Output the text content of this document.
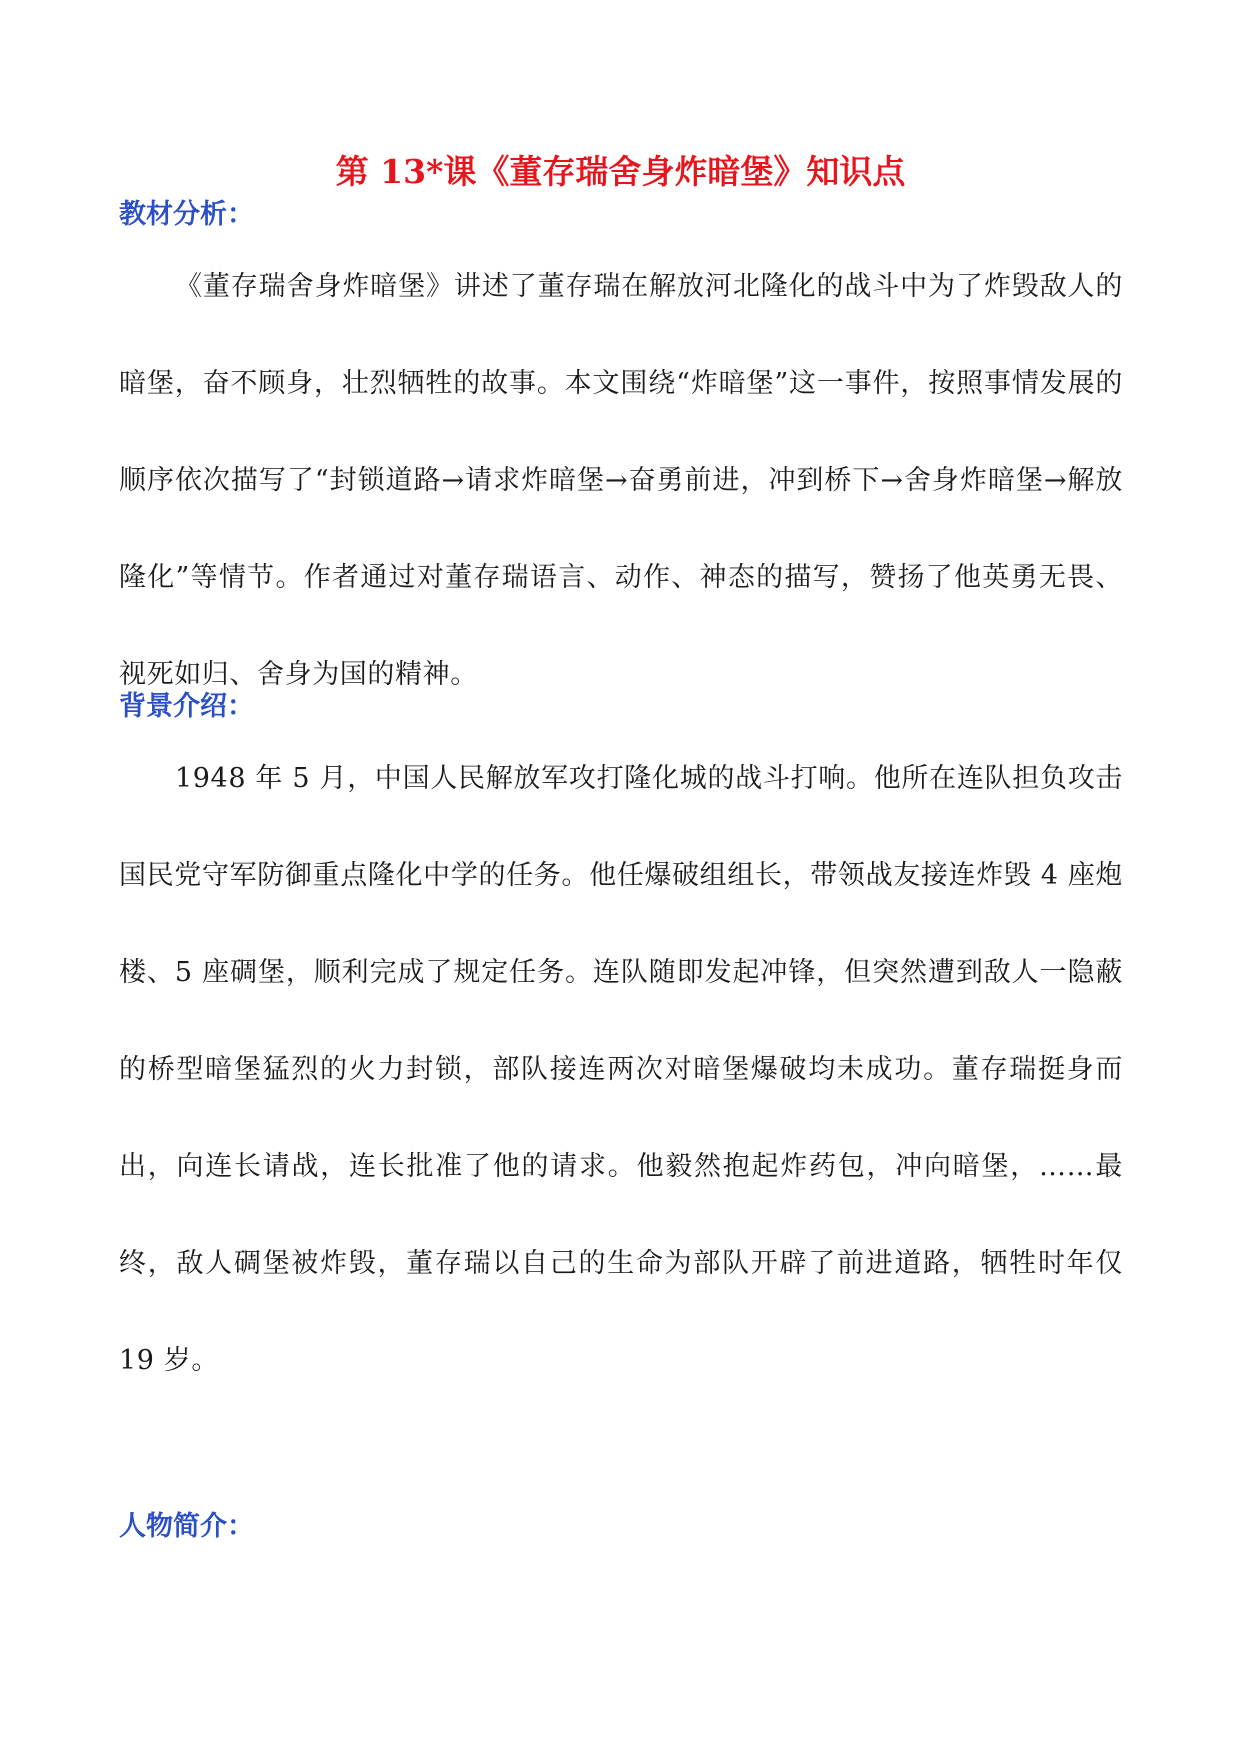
第 13*课《董存瑞舍身炸暗堡》知识点
教材分析：

《董存瑞舍身炸暗堡》讲述了董存瑞在解放河北隆化的战斗中为了炸毁敌人的暗堡，奋不顾身，壮烈牺牲的故事。本文围绕“炸暗堡”这一事件，按照事情发展的顺序依次描写了“封锁道路→请求炸暗堡→奋勇前进，冲到桥下→舍身炸暗堡→解放隆化”等情节。作者通过对董存瑞语言、动作、神态的描写，赞扬了他英勇无畏、视死如归、舍身为国的精神。

背景介绍：

1948 年 5 月，中国人民解放军攻打隆化城的战斗打响。他所在连队担负攻击国民党守军防御重点隆化中学的任务。他任爆破组组长，带领战友接连炸毁 4 座炮楼、5 座碉堡，顺利完成了规定任务。连队随即发起冲锋，但突然遭到敌人一隐蔽的桥型暗堡猛烈的火力封锁，部队接连两次对暗堡爆破均未成功。董存瑞挺身而出，向连长请战，连长批准了他的请求。他毅然抱起炸药包，冲向暗堡，……最终，敌人碉堡被炸毁，董存瑞以自己的生命为部队开辟了前进道路，牺牲时年仅 19 岁。

人物简介：
